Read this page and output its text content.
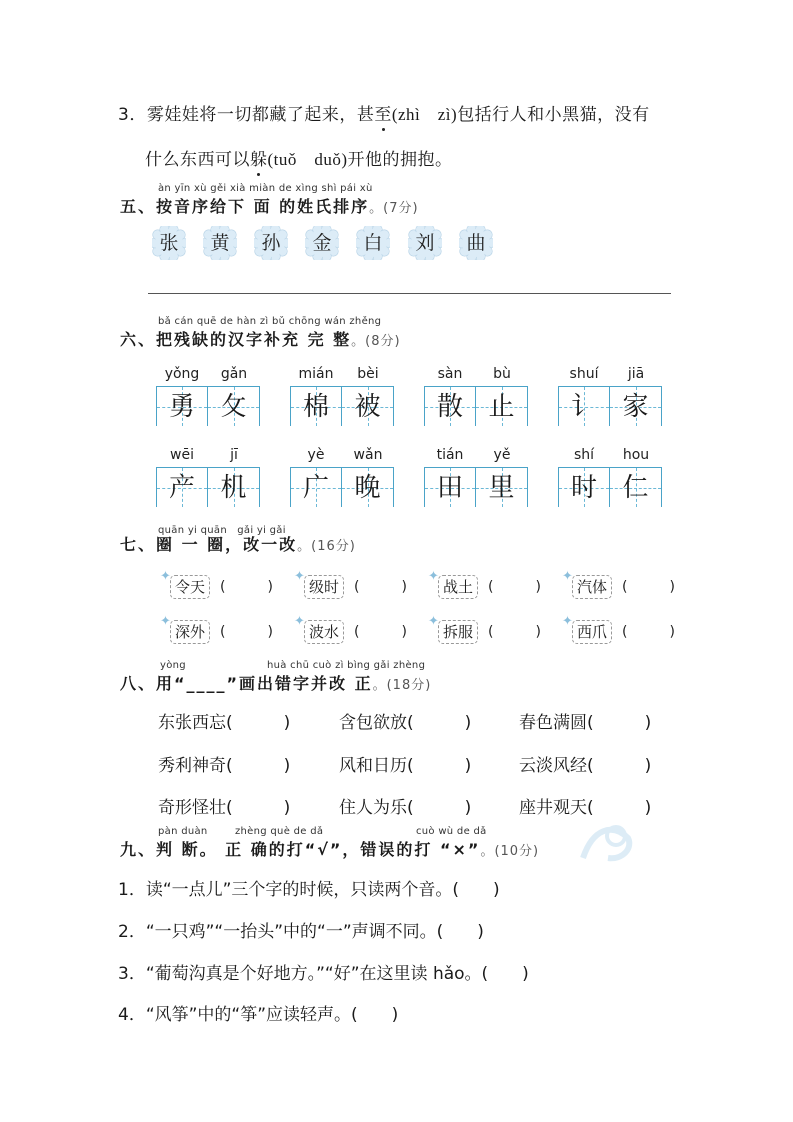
3．雾娃娃将一切都藏了起来，甚至(zhì　zì)包括行人和小黑猫，没有
什么东西可以躲(tuǒ　duǒ)开他的拥抱。
àn yīn xù gěi xià miàn de xìng shì pái xù
五、按音序给下 面 的姓氏排序。(7分)
张	黄	孙	金	白	刘	曲
bǎ cán quē de hàn zì bǔ chōng wán zhěng
六、把残缺的汉字补充 完 整。(8分)
yǒng	gǎn
勇 攵
mián	bèi
棉 被
sàn	bù
散 止
shuí	jiā
讠 家
wēi	jī
产 机
yè	wǎn
广 晚
tián	yě
田 里
shí	hou
时 仁
quān yi quān　gǎi yi gǎi
七、圈 一 圈，改一改。(16分)
✦
令天	(　　　)
✦
级时	(　　　)
✦
战土	(　　　)
✦
汽体	(　　　)
✦
深外	(　　　)
✦
波水	(　　　)
✦
拆服	(　　　)
✦
西爪	(　　　)
yòng	huà chū cuò zì bìng gǎi zhèng
八、用“____”画出错字并改 正。(18分)
东张西忘(　　　)	含包欲放(　　　)	春色满圆(　　　)
秀利神奇(　　　)	风和日历(　　　)	云淡风经(　　　)
奇形怪壮(　　　)	住人为乐(　　　)	座井观天(　　　)
pàn duàn	zhèng què de dǎ	cuò wù de dǎ
九、判 断。 正 确的打“√”，错误的打 “×”。(10分)
1．读“一点儿”三个字的时候，只读两个音。(　　)
2．“一只鸡”“一抬头”中的“一”声调不同。(　　)
3．“葡萄沟真是个好地方。”“好”在这里读 hǎo。(　　)
4．“风筝”中的“筝”应读轻声。(　　)
